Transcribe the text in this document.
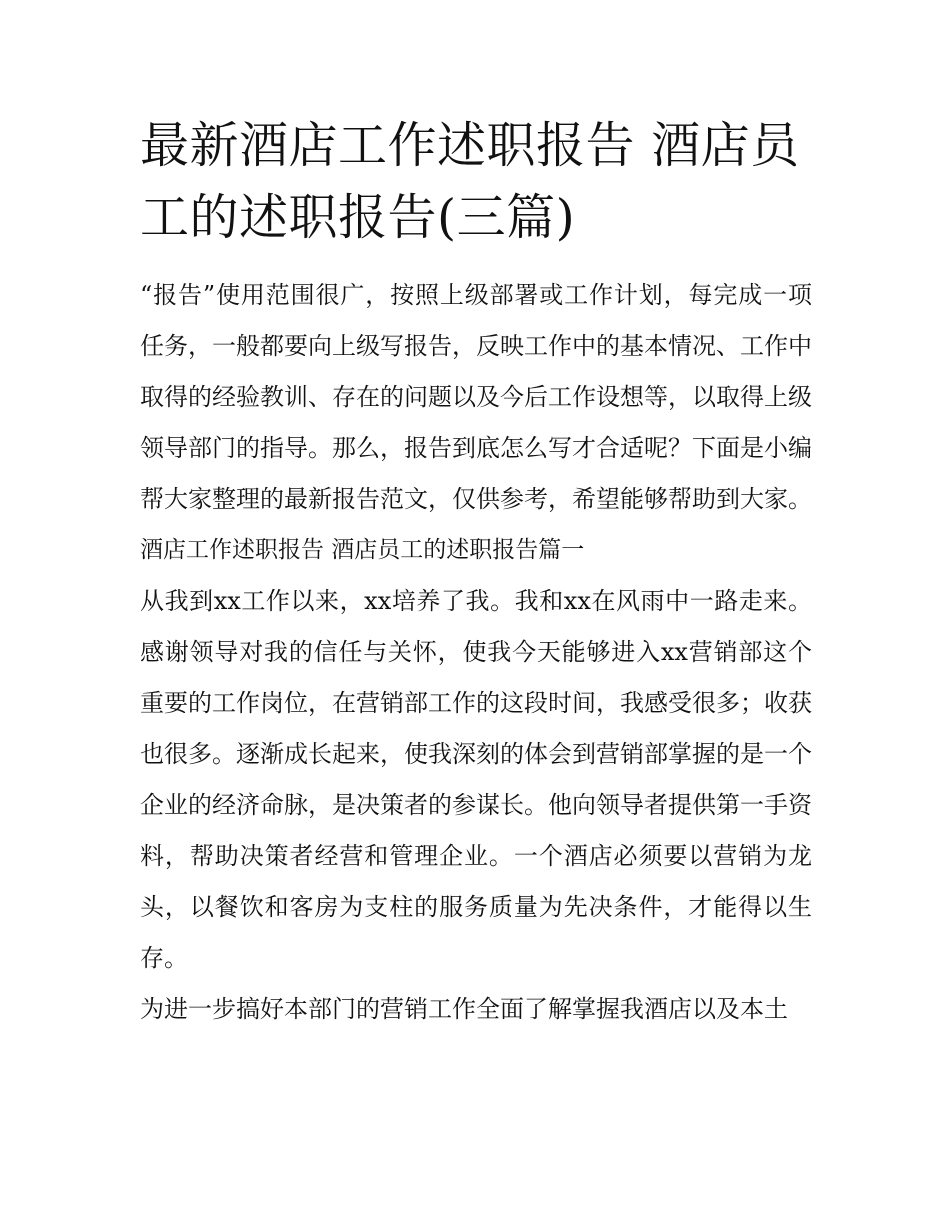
最新酒店工作述职报告 酒店员工的述职报告(三篇)

“报告”使用范围很广，按照上级部署或工作计划，每完成一项任务，一般都要向上级写报告，反映工作中的基本情况、工作中取得的经验教训、存在的问题以及今后工作设想等，以取得上级领导部门的指导。那么，报告到底怎么写才合适呢？下面是小编帮大家整理的最新报告范文，仅供参考，希望能够帮助到大家。

酒店工作述职报告 酒店员工的述职报告篇一

从我到xx工作以来，xx培养了我。我和xx在风雨中一路走来。感谢领导对我的信任与关怀，使我今天能够进入xx营销部这个重要的工作岗位，在营销部工作的这段时间，我感受很多；收获也很多。逐渐成长起来，使我深刻的体会到营销部掌握的是一个企业的经济命脉，是决策者的参谋长。他向领导者提供第一手资料，帮助决策者经营和管理企业。一个酒店必须要以营销为龙头，以餐饮和客房为支柱的服务质量为先决条件，才能得以生存。

为进一步搞好本部门的营销工作全面了解掌握我酒店以及本土
